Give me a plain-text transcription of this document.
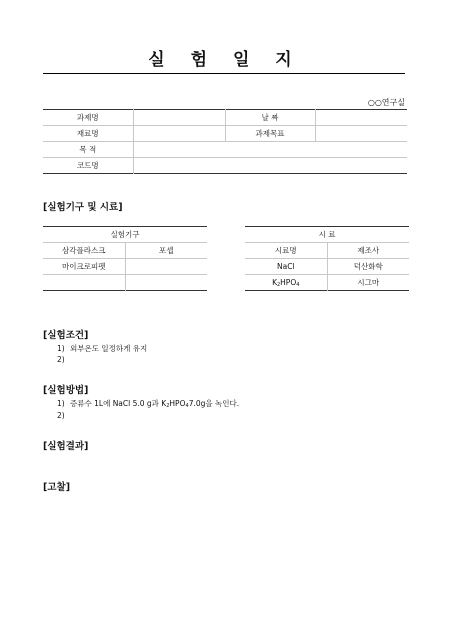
실 험 일 지
○○연구실
과제명		날 짜	
재료명		과제목표	
목 적			
코드명			
[실험기구 및 시료]
실험기구	
삼각플라스크	포셉
마이크로피펫	

시 료	
시료명	제조사
NaCl	덕산화학
$K_2HPO_4$	시그마
[실험조건]
1) 외부온도 일정하게 유지
2)
[실험방법]
1) 증류수 1L에 NaCl 5.0 g과 $K_2HPO_47.0g$을 녹인다.
2)
[실험결과]
[고찰]
